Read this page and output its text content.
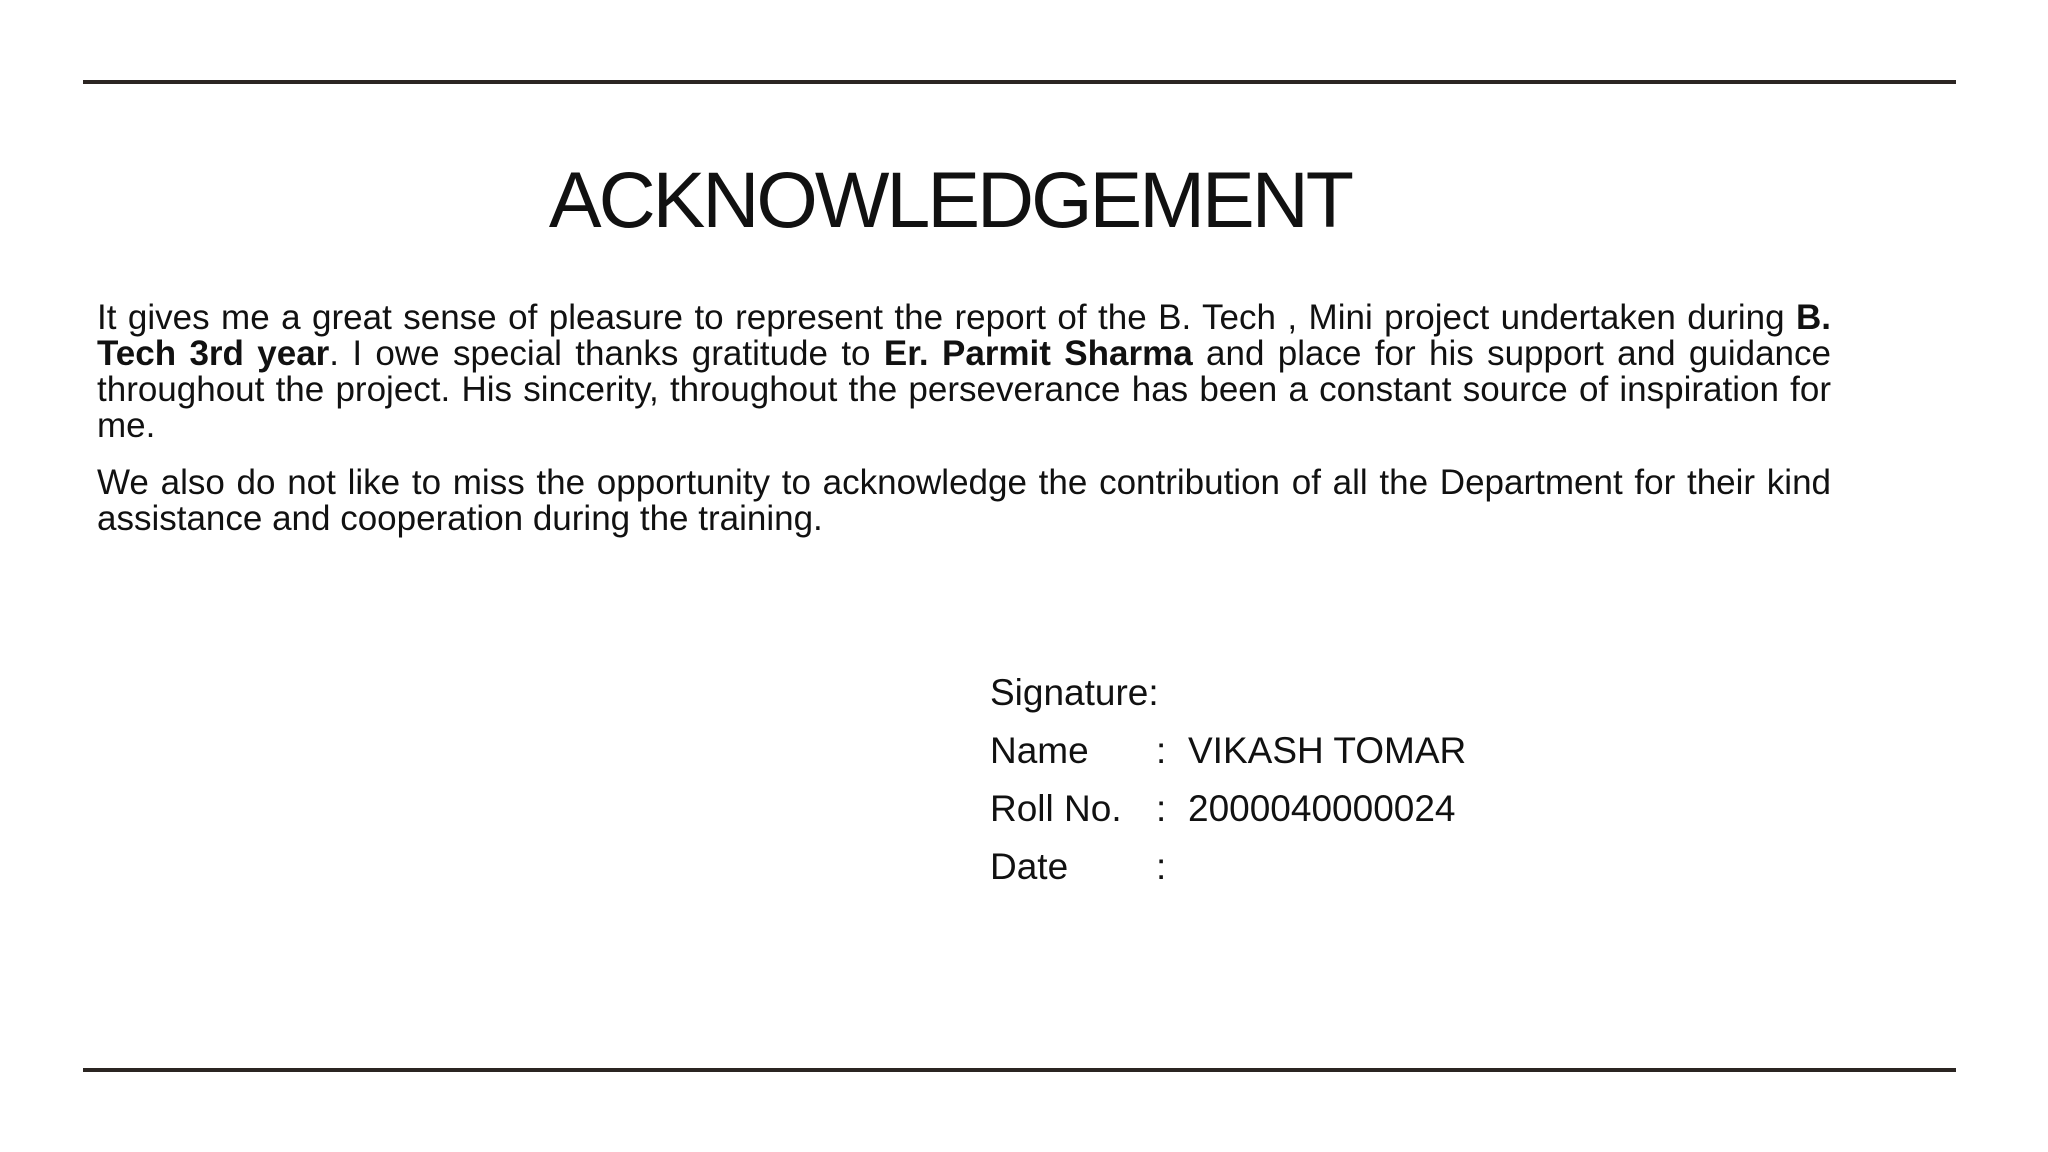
ACKNOWLEDGEMENT

It gives me a great sense of pleasure to represent the report of the B. Tech , Mini project undertaken during B. Tech 3rd year. I owe special thanks gratitude to Er. Parmit Sharma and place for his support and guidance throughout the project. His sincerity, throughout the perseverance has been a constant source of inspiration for me.

We also do not like to miss the opportunity to acknowledge the contribution of all the Department for their kind assistance and cooperation during the training.

Signature:
Name	: VIKASH TOMAR
Roll No. : 2000040000024
Date	:
